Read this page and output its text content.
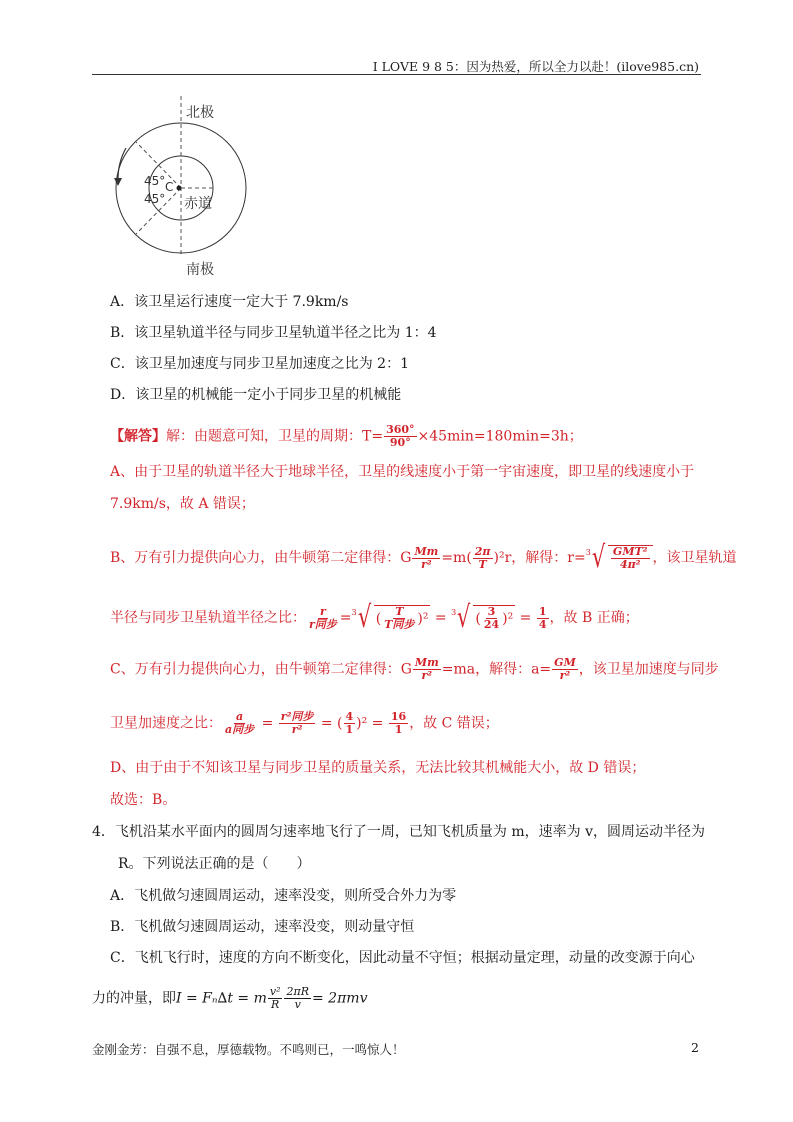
I LOVE 9 8 5：因为热爱，所以全力以赴！(ilove985.cn)
北极
南极
赤道
45°
45°
C
A．该卫星运行速度一定大于 7.9km/s
B．该卫星轨道半径与同步卫星轨道半径之比为 1：4
C．该卫星加速度与同步卫星加速度之比为 2：1
D．该卫星的机械能一定小于同步卫星的机械能
【解答】解：由题意可知，卫星的周期：$T= \frac{360^\circ}{90^\circ} \times 45\min=180\min=3h$；
A、由于卫星的轨道半径大于地球半径，卫星的线速度小于第一宇宙速度，即卫星的线速度小于
7.9km/s，故 A 错误；
B、万有引力提供向心力，由牛顿第二定律得：G $\frac{Mm}{\text{r²}} =m( \frac{2\pi}{T} )^2r$，解得：r= 3 √ $\frac{\text{GMT²}}{\text{4π²}}$ ，该卫星轨道
半径与同步卫星轨道半径之比： $\frac{r}{\text{r同步}} = 3$ √ ( $\frac{T}{\text{T同步}} )^2 = 3$ √ ( $\frac{3}{24} )^2 = \frac{1}{4}$ ，故 B 正确；
C、万有引力提供向心力，由牛顿第二定律得：G $\frac{Mm}{\text{r²}} =ma$，解得：$a= \frac{GM}{\text{r²}}$ ，该卫星加速度与同步
卫星加速度之比： $\frac{a}{\text{a同步}} = \frac{\text{r²同步}}{\text{r²}}$ = ( $\frac{4}{1} )^2 = \frac{16}{1}$ ，故 C 错误；
D、由于由于不知该卫星与同步卫星的质量关系，无法比较其机械能大小，故 D 错误；
故选：B。
4．飞机沿某水平面内的圆周匀速率地飞行了一周，已知飞机质量为 m，速率为 v，圆周运动半径为
R。下列说法正确的是（　　）
A．飞机做匀速圆周运动，速率没变，则所受合外力为零
B．飞机做匀速圆周运动，速率没变，则动量守恒
C．飞机飞行时，速度的方向不断变化，因此动量不守恒；根据动量定理，动量的改变源于向心
力的冲量，即I = Fₙ∆t = m $\frac{\text{v²}}{R} \frac{2\pi R}{v} = 2\pi mv$
金刚金芳：自强不息，厚德载物。不鸣则已，一鸣惊人！	2
